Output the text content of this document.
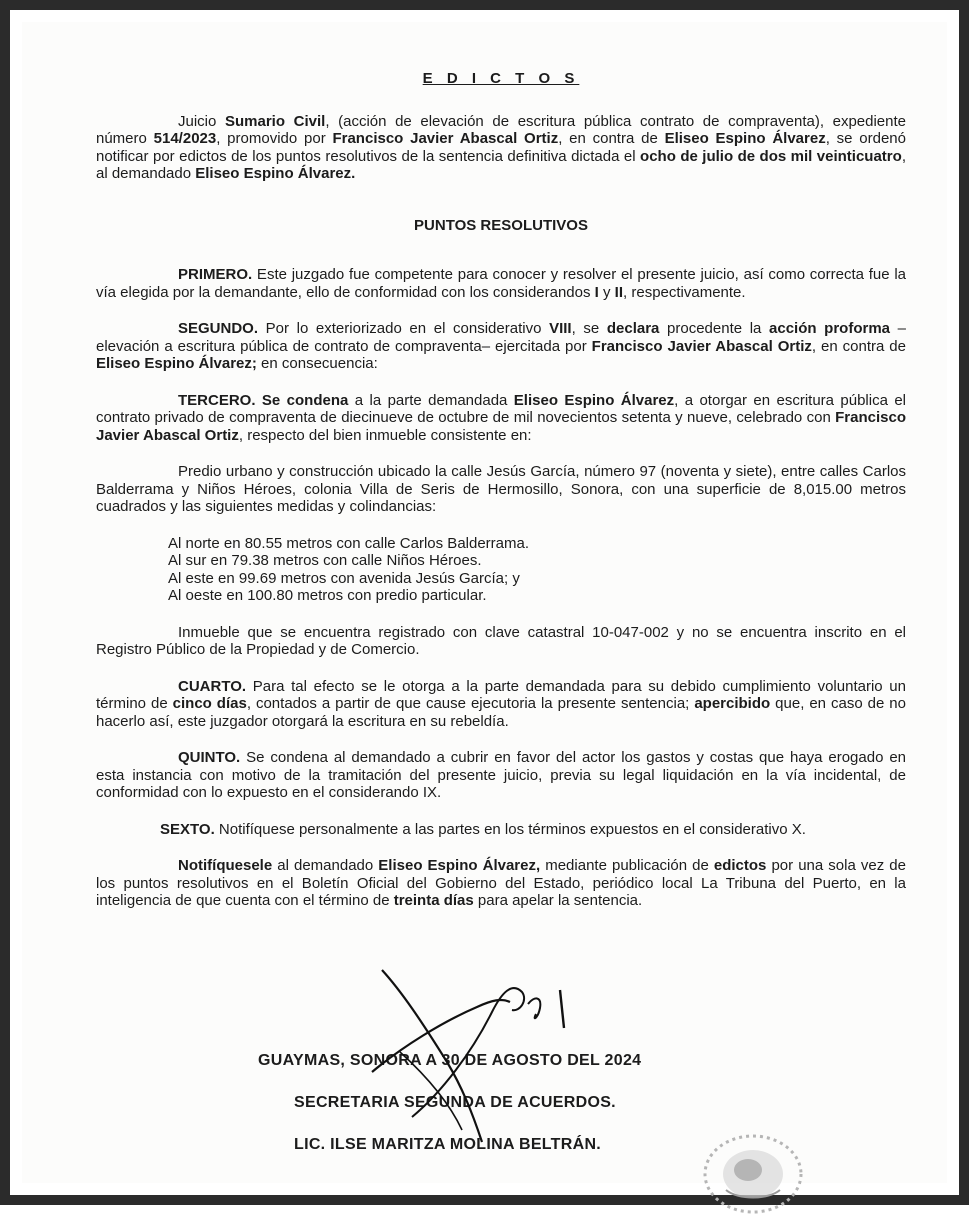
E D I C T O S

Juicio Sumario Civil, (acción de elevación de escritura pública contrato de compraventa), expediente número 514/2023, promovido por Francisco Javier Abascal Ortiz, en contra de Eliseo Espino Álvarez, se ordenó notificar por edictos de los puntos resolutivos de la sentencia definitiva dictada el ocho de julio de dos mil veinticuatro, al demandado Eliseo Espino Álvarez.

PUNTOS RESOLUTIVOS

PRIMERO. Este juzgado fue competente para conocer y resolver el presente juicio, así como correcta fue la vía elegida por la demandante, ello de conformidad con los considerandos I y II, respectivamente.

SEGUNDO. Por lo exteriorizado en el considerativo VIII, se declara procedente la acción proforma –elevación a escritura pública de contrato de compraventa– ejercitada por Francisco Javier Abascal Ortiz, en contra de Eliseo Espino Álvarez; en consecuencia:

TERCERO. Se condena a la parte demandada Eliseo Espino Álvarez, a otorgar en escritura pública el contrato privado de compraventa de diecinueve de octubre de mil novecientos setenta y nueve, celebrado con Francisco Javier Abascal Ortiz, respecto del bien inmueble consistente en:

Predio urbano y construcción ubicado la calle Jesús García, número 97 (noventa y siete), entre calles Carlos Balderrama y Niños Héroes, colonia Villa de Seris de Hermosillo, Sonora, con una superficie de 8,015.00 metros cuadrados y las siguientes medidas y colindancias:

Al norte en 80.55 metros con calle Carlos Balderrama.
Al sur en 79.38 metros con calle Niños Héroes.
Al este en 99.69 metros con avenida Jesús García; y
Al oeste en 100.80 metros con predio particular.

Inmueble que se encuentra registrado con clave catastral 10-047-002 y no se encuentra inscrito en el Registro Público de la Propiedad y de Comercio.

CUARTO. Para tal efecto se le otorga a la parte demandada para su debido cumplimiento voluntario un término de cinco días, contados a partir de que cause ejecutoria la presente sentencia; apercibido que, en caso de no hacerlo así, este juzgador otorgará la escritura en su rebeldía.

QUINTO. Se condena al demandado a cubrir en favor del actor los gastos y costas que haya erogado en esta instancia con motivo de la tramitación del presente juicio, previa su legal liquidación en la vía incidental, de conformidad con lo expuesto en el considerando IX.

SEXTO. Notifíquese personalmente a las partes en los términos expuestos en el considerativo X.

Notifíquesele al demandado Eliseo Espino Álvarez, mediante publicación de edictos por una sola vez de los puntos resolutivos en el Boletín Oficial del Gobierno del Estado, periódico local La Tribuna del Puerto, en la inteligencia de que cuenta con el término de treinta días para apelar la sentencia.

GUAYMAS, SONORA A 30 DE AGOSTO DEL 2024
SECRETARIA SEGUNDA DE ACUERDOS.
LIC. ILSE MARITZA MOLINA BELTRÁN.
